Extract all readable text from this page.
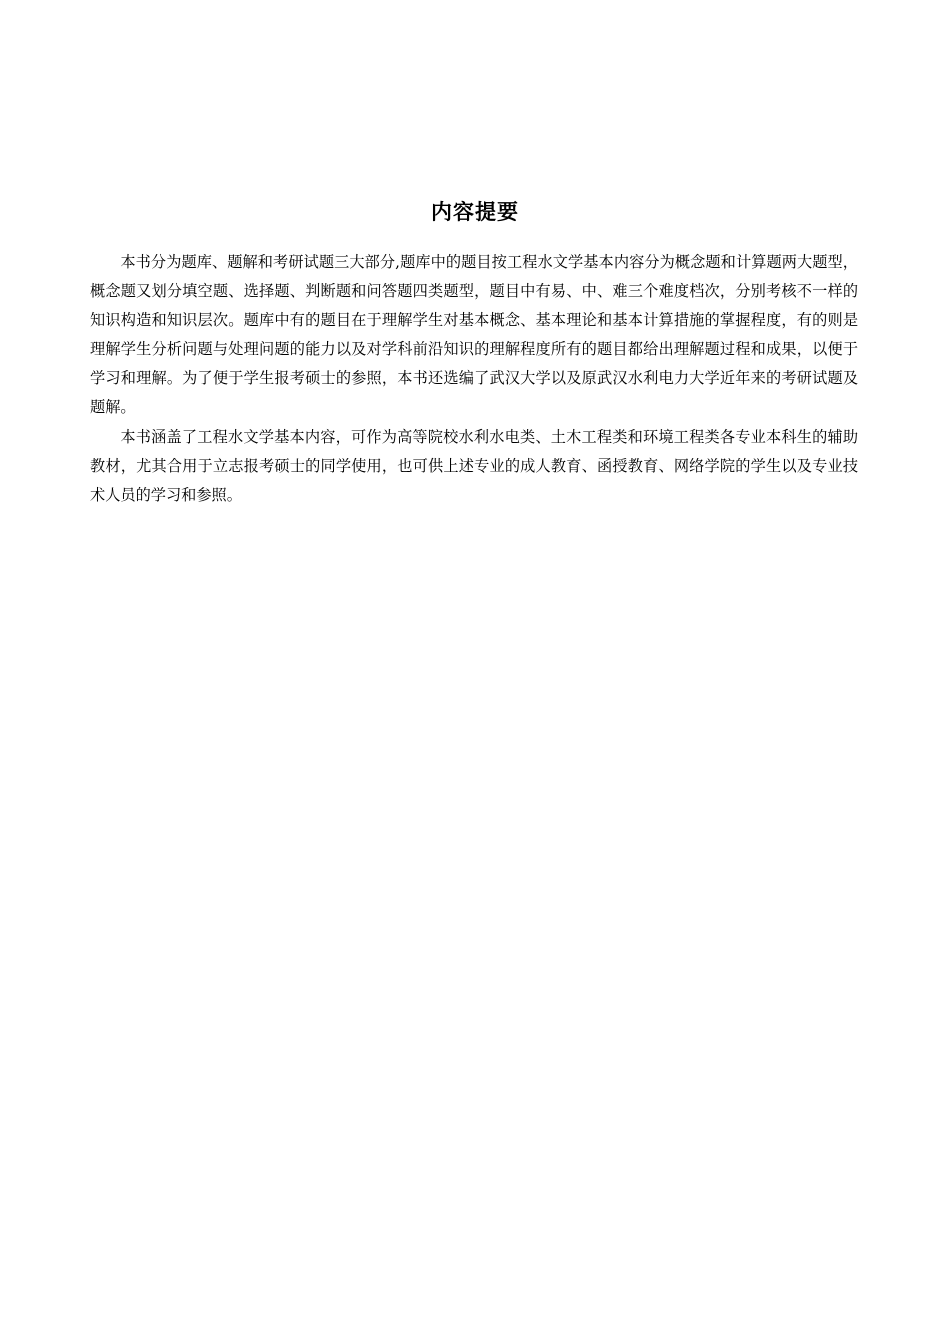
内容提要

本书分为题库、题解和考研试题三大部分,题库中的题目按工程水文学基本内容分为概念题和计算题两大题型，概念题又划分填空题、选择题、判断题和问答题四类题型，题目中有易、中、难三个难度档次，分别考核不一样的知识构造和知识层次。题库中有的题目在于理解学生对基本概念、基本理论和基本计算措施的掌握程度，有的则是理解学生分析问题与处理问题的能力以及对学科前沿知识的理解程度所有的题目都给出理解题过程和成果，以便于学习和理解。为了便于学生报考硕士的参照，本书还选编了武汉大学以及原武汉水利电力大学近年来的考研试题及题解。

本书涵盖了工程水文学基本内容，可作为高等院校水利水电类、土木工程类和环境工程类各专业本科生的辅助教材，尤其合用于立志报考硕士的同学使用，也可供上述专业的成人教育、函授教育、网络学院的学生以及专业技术人员的学习和参照。
